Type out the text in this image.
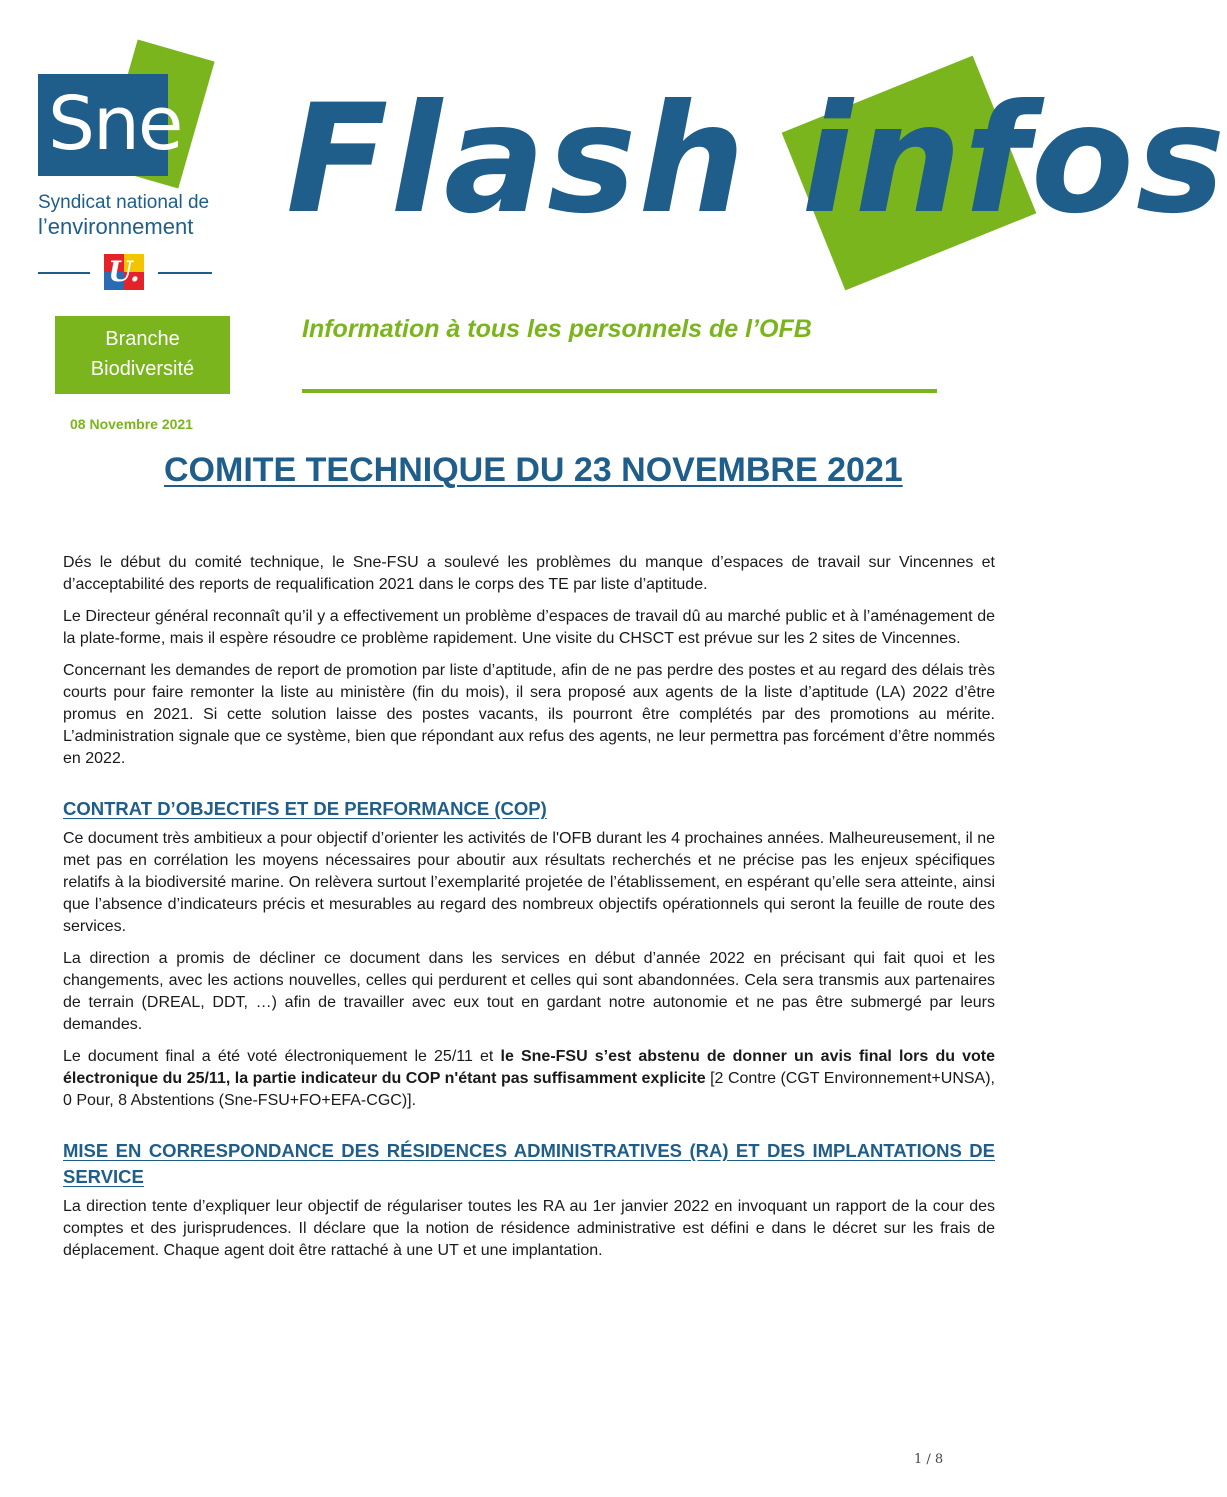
Sne
Syndicat national de
l’environnement
U.
Flash infos
Branche
Biodiversité
Information à tous les personnels de l’OFB
08 Novembre 2021
COMITE TECHNIQUE DU 23 NOVEMBRE 2021

Dés le début du comité technique, le Sne-FSU a soulevé les problèmes du manque d’espaces de travail sur Vincennes et d’acceptabilité des reports de requalification 2021 dans le corps des TE par liste d’aptitude.

Le Directeur général reconnaît qu’il y a effectivement un problème d’espaces de travail dû au marché public et à l’aménagement de la plate-forme, mais il espère résoudre ce problème rapidement. Une visite du CHSCT est prévue sur les 2 sites de Vincennes.

Concernant les demandes de report de promotion par liste d’aptitude, afin de ne pas perdre des postes et au regard des délais très courts pour faire remonter la liste au ministère (fin du mois), il sera proposé aux agents de la liste d’aptitude (LA) 2022 d’être promus en 2021. Si cette solution laisse des postes vacants, ils pourront être complétés par des promotions au mérite. L’administration signale que ce système, bien que répondant aux refus des agents, ne leur permettra pas forcément d’être nommés en 2022.

CONTRAT D’OBJECTIFS ET DE PERFORMANCE (COP)

Ce document très ambitieux a pour objectif d’orienter les activités de l'OFB durant les 4 prochaines années. Malheureusement, il ne met pas en corrélation les moyens nécessaires pour aboutir aux résultats recherchés et ne précise pas les enjeux spécifiques relatifs à la biodiversité marine. On relèvera surtout l’exemplarité projetée de l’établissement, en espérant qu’elle sera atteinte, ainsi que l’absence d’indicateurs précis et mesurables au regard des nombreux objectifs opérationnels qui seront la feuille de route des services.

La direction a promis de décliner ce document dans les services en début d’année 2022 en précisant qui fait quoi et les changements, avec les actions nouvelles, celles qui perdurent et celles qui sont abandonnées. Cela sera transmis aux partenaires de terrain (DREAL, DDT, …) afin de travailler avec eux tout en gardant notre autonomie et ne pas être submergé par leurs demandes.

Le document final a été voté électroniquement le 25/11 et le Sne-FSU s’est abstenu de donner un avis final lors du vote électronique du 25/11, la partie indicateur du COP n'étant pas suffisamment explicite [2 Contre (CGT Environnement+UNSA), 0 Pour, 8 Abstentions (Sne-FSU+FO+EFA-CGC)].

MISE EN CORRESPONDANCE DES RÉSIDENCES ADMINISTRATIVES (RA) ET DES IMPLANTATIONS DE SERVICE

La direction tente d’expliquer leur objectif de régulariser toutes les RA au 1er janvier 2022 en invoquant un rapport de la cour des comptes et des jurisprudences. Il déclare que la notion de résidence administrative est défini e dans le décret sur les frais de déplacement. Chaque agent doit être rattaché à une UT et une implantation.

1 / 8
